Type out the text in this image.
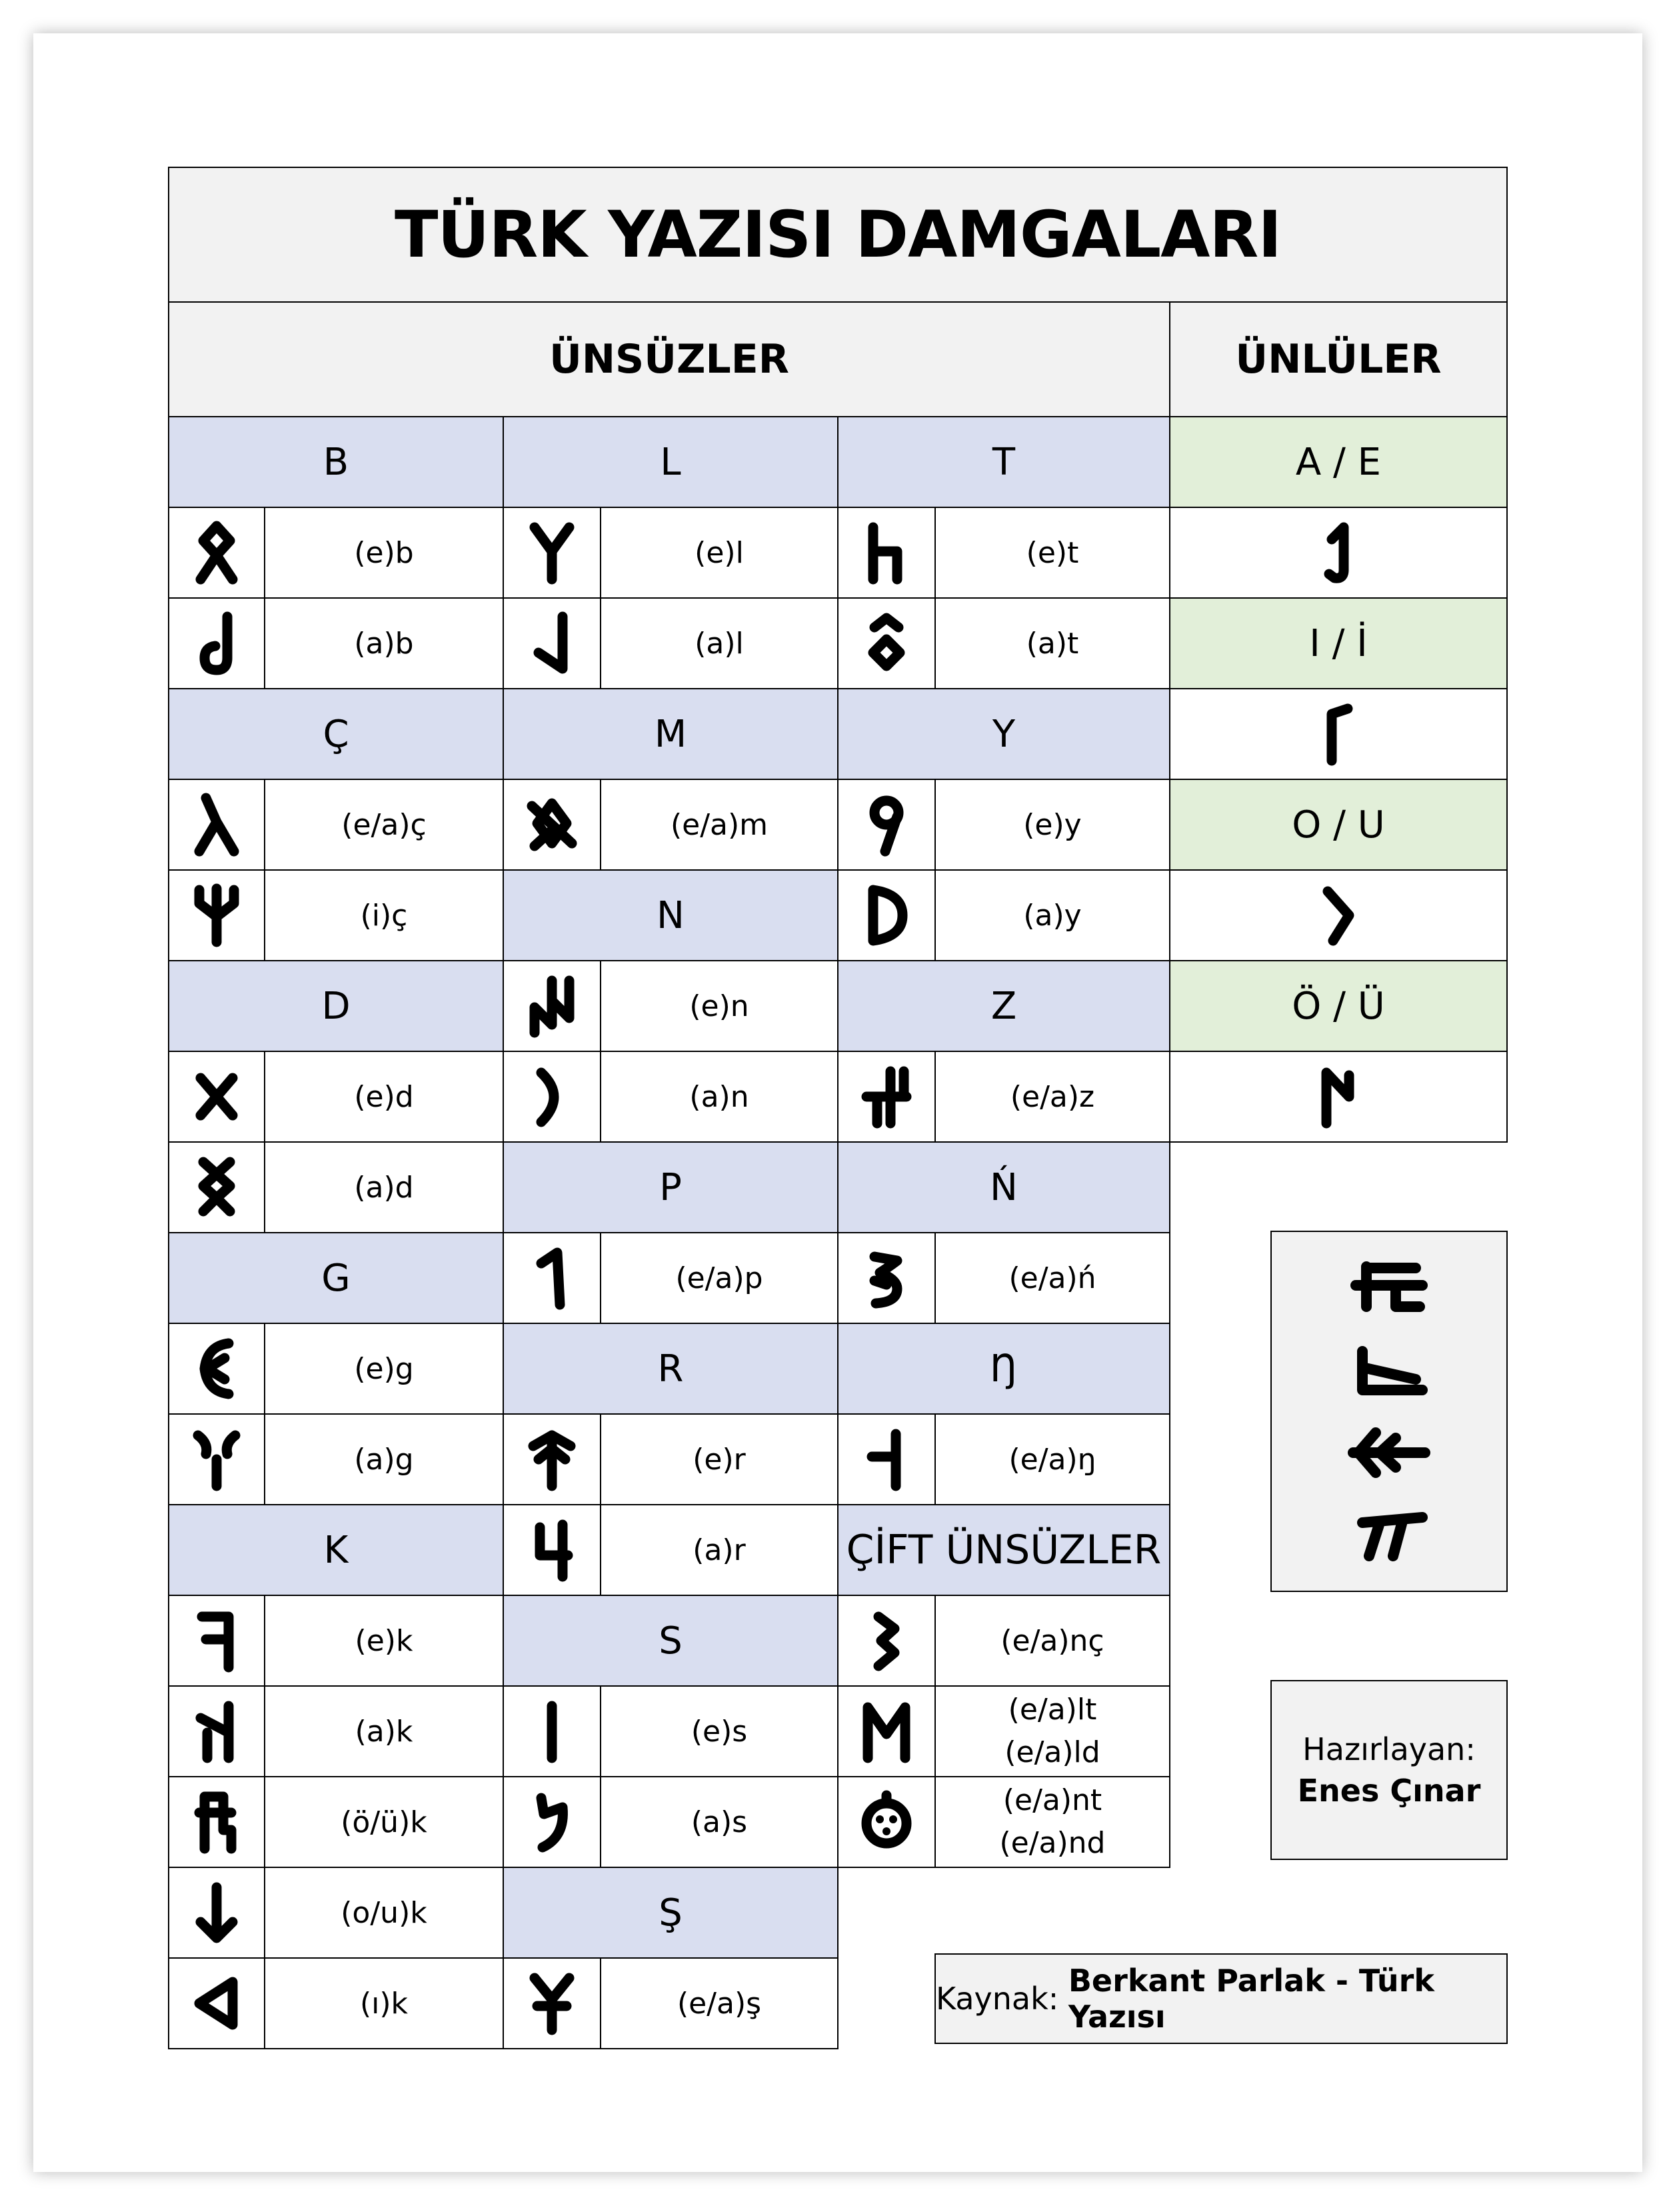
TÜRK YAZISI DAMGALARI
ÜNSÜZLER	ÜNLÜLER
B
(e)b
(a)b
Ç
(e/a)ç
(i)ç
D
(e)d
(a)d
G
(e)g
(a)g
K
(e)k
(a)k
(ö/ü)k
(o/u)k
(ı)k
L
(e)l
(a)l
M
(e/a)m
N
(e)n
(a)n
P
(e/a)p
R
(e)r
(a)r
S
(e)s
(a)s
Ş
(e/a)ş
T
(e)t
(a)t
Y
(e)y
(a)y
Z
(e/a)z
Ń
(e/a)ń
Ŋ
(e/a)ŋ
ÇİFT ÜNSÜZLER
(e/a)nç
(e/a)lt
(e/a)ld
(e/a)nt
(e/a)nd
A / E
I / İ
O / U
Ö / Ü
Hazırlayan:
Enes Çınar
Kaynak:
Berkant Parlak - Türk Yazısı
